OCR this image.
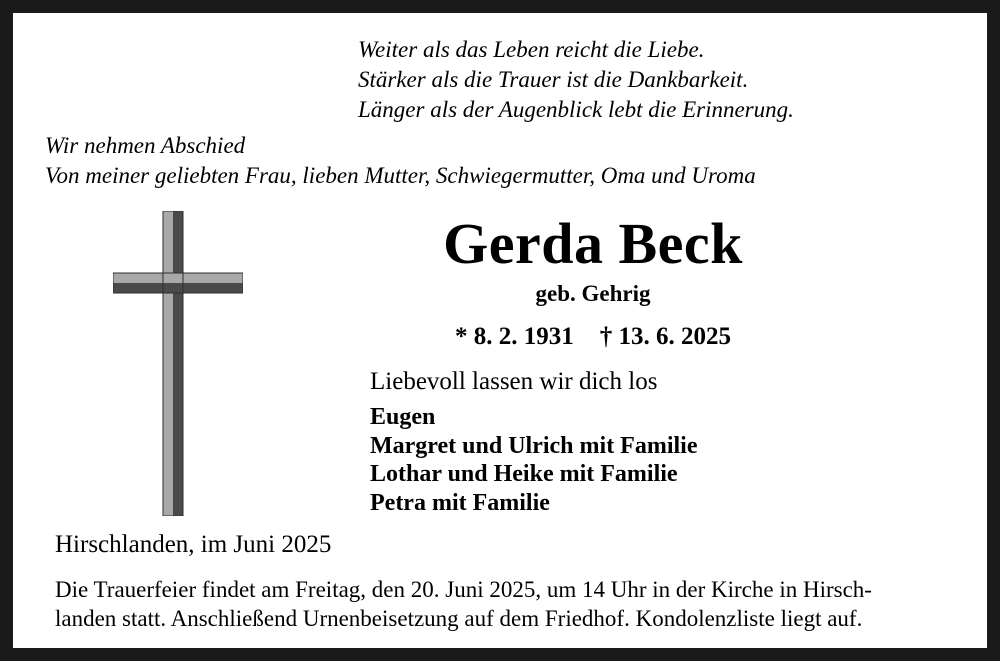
Weiter als das Leben reicht die Liebe.
Stärker als die Trauer ist die Dankbarkeit.
Länger als der Augenblick lebt die Erinnerung.
Wir nehmen Abschied
Von meiner geliebten Frau, lieben Mutter, Schwiegermutter, Oma und Uroma
Gerda Beck
geb. Gehrig
* 8. 2. 1931 † 13. 6. 2025
Liebevoll lassen wir dich los
Eugen
Margret und Ulrich mit Familie
Lothar und Heike mit Familie
Petra mit Familie
Hirschlanden, im Juni 2025
Die Trauerfeier findet am Freitag, den 20. Juni 2025, um 14 Uhr in der Kirche in Hirsch-
landen statt. Anschließend Urnenbeisetzung auf dem Friedhof. Kondolenzliste liegt auf.
